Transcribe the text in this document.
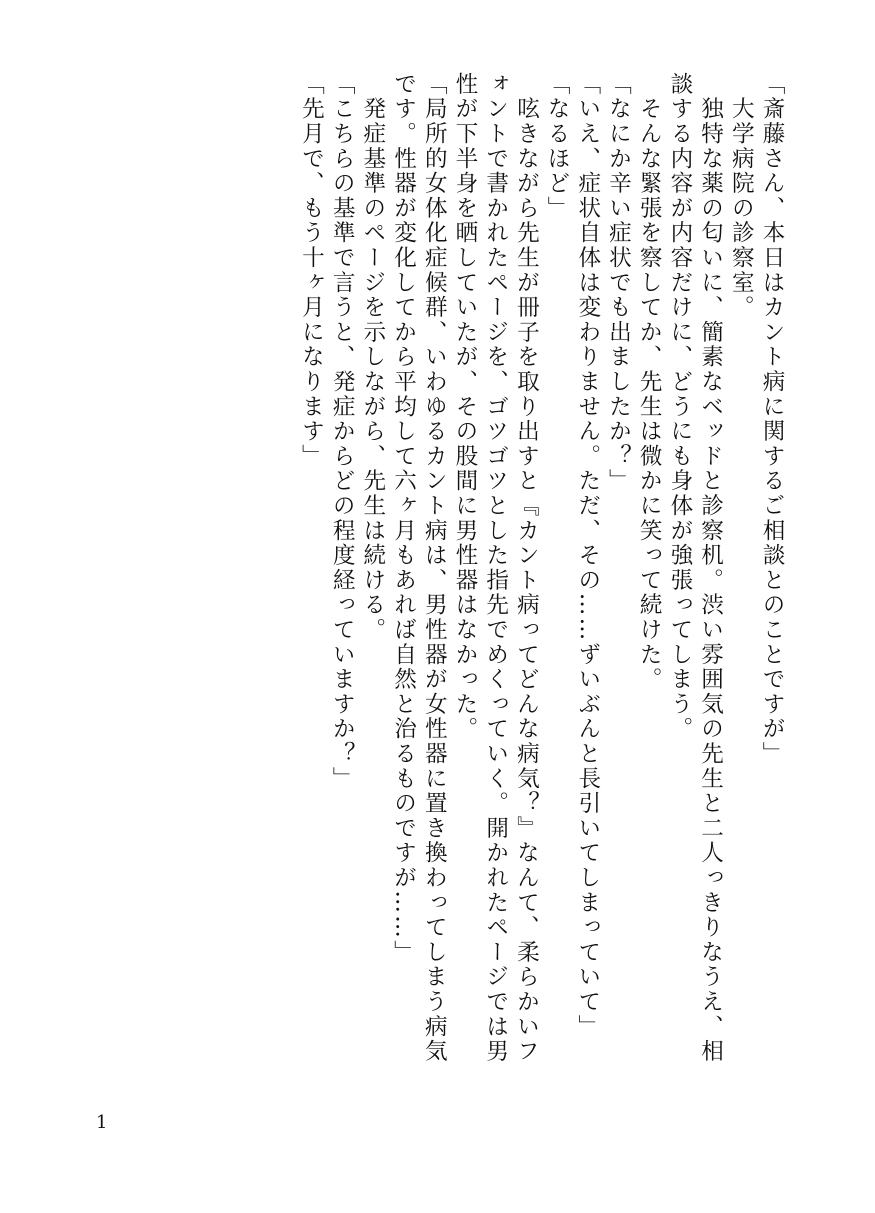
「斎藤さん、本日はカント病に関するご相談とのことですが」
　大学病院の診察室。
　独特な薬の匂いに、簡素なベッドと診察机。渋い雰囲気の先生と二人っきりなうえ、相
談する内容が内容だけに、どうにも身体が強張ってしまう。
　そんな緊張を察してか、先生は微かに笑って続けた。
「なにか辛い症状でも出ましたか？」
「いえ、症状自体は変わりません。ただ、その……ずいぶんと長引いてしまっていて」
「なるほど」
　呟きながら先生が冊子を取り出すと『カント病ってどんな病気？』なんて、柔らかいフ
ォントで書かれたページを、ゴツゴツとした指先でめくっていく。開かれたページでは男
性が下半身を晒していたが、その股間に男性器はなかった。
「局所的女体化症候群、いわゆるカント病は、男性器が女性器に置き換わってしまう病気
です。性器が変化してから平均して六ヶ月もあれば自然と治るものですが……」
　発症基準のページを示しながら、先生は続ける。
「こちらの基準で言うと、発症からどの程度経っていますか？」
「先月で、もう十ヶ月になります」
1
